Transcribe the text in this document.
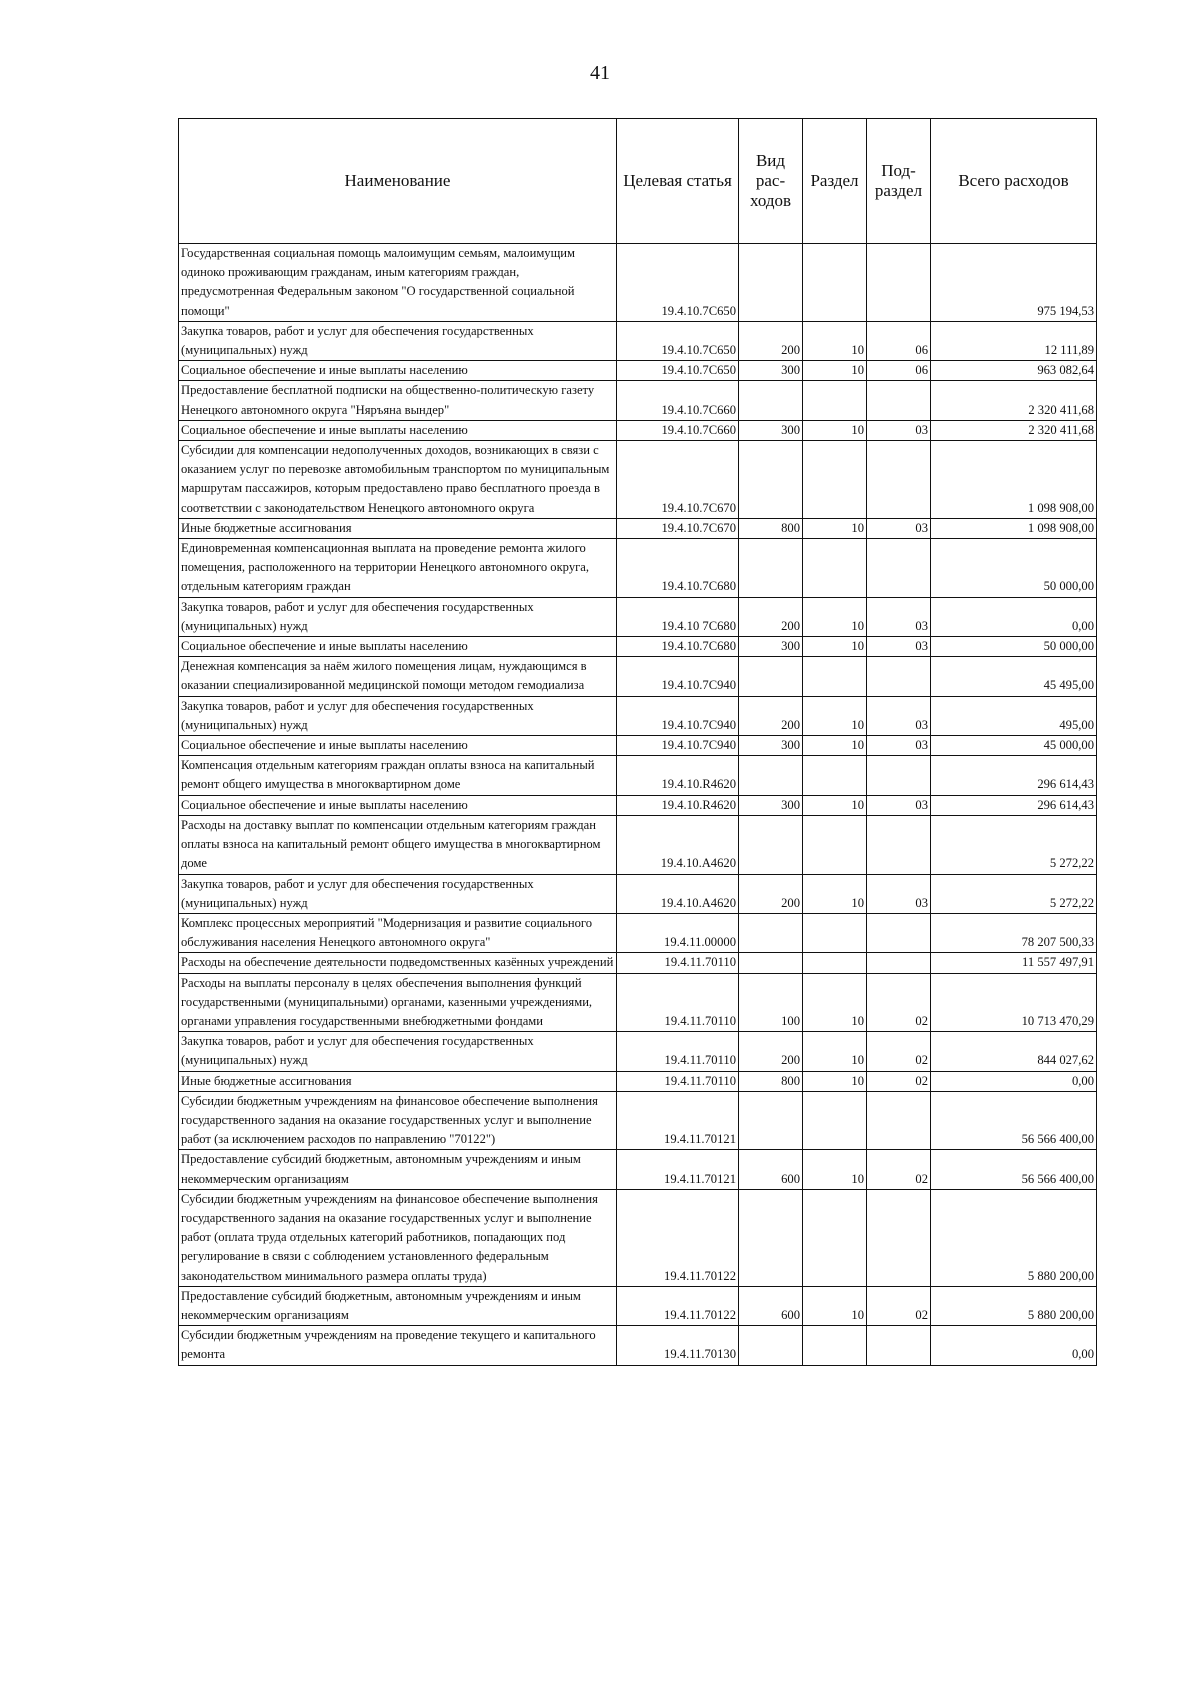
41
Наименование	Целевая статья	Вид рас-ходов	Раздел	Под-раздел	Всего расходов
Государственная социальная помощь малоимущим семьям, малоимущим одиноко проживающим гражданам, иным категориям граждан, предусмотренная Федеральным законом "О государственной социальной помощи"	19.4.10.7С650				975 194,53
Закупка товаров, работ и услуг для обеспечения государственных (муниципальных) нужд	19.4.10.7С650	200	10	06	12 111,89
Социальное обеспечение и иные выплаты населению	19.4.10.7С650	300	10	06	963 082,64
Предоставление бесплатной подписки на общественно-политическую газету Ненецкого автономного округа "Няръяна вындер"	19.4.10.7С660				2 320 411,68
Социальное обеспечение и иные выплаты населению	19.4.10.7С660	300	10	03	2 320 411,68
Субсидии для компенсации недополученных доходов, возникающих в связи с оказанием услуг по перевозке автомобильным транспортом по муниципальным маршрутам пассажиров, которым предоставлено право бесплатного проезда в соответствии с законодательством Ненецкого автономного округа	19.4.10.7С670				1 098 908,00
Иные бюджетные ассигнования	19.4.10.7С670	800	10	03	1 098 908,00
Единовременная компенсационная выплата на проведение ремонта жилого помещения, расположенного на территории Ненецкого автономного округа, отдельным категориям граждан	19.4.10.7С680				50 000,00
Закупка товаров, работ и услуг для обеспечения государственных (муниципальных) нужд	19.4.10 7С680	200	10	03	0,00
Социальное обеспечение и иные выплаты населению	19.4.10.7С680	300	10	03	50 000,00
Денежная компенсация за наём жилого помещения лицам, нуждающимся в оказании специализированной медицинской помощи методом гемодиализа	19.4.10.7С940				45 495,00
Закупка товаров, работ и услуг для обеспечения государственных (муниципальных) нужд	19.4.10.7С940	200	10	03	495,00
Социальное обеспечение и иные выплаты населению	19.4.10.7С940	300	10	03	45 000,00
Компенсация отдельным категориям граждан оплаты взноса на капитальный ремонт общего имущества в многоквартирном доме	19.4.10.R4620				296 614,43
Социальное обеспечение и иные выплаты населению	19.4.10.R4620	300	10	03	296 614,43
Расходы на доставку выплат по компенсации отдельным категориям граждан оплаты взноса на капитальный ремонт общего имущества в многоквартирном доме	19.4.10.А4620				5 272,22
Закупка товаров, работ и услуг для обеспечения государственных (муниципальных) нужд	19.4.10.А4620	200	10	03	5 272,22
Комплекс процессных мероприятий "Модернизация и развитие социального обслуживания населения Ненецкого автономного округа"	19.4.11.00000				78 207 500,33
Расходы на обеспечение деятельности подведомственных казённых учреждений	19.4.11.70110				11 557 497,91
Расходы на выплаты персоналу в целях обеспечения выполнения функций государственными (муниципальными) органами, казенными учреждениями, органами управления государственными внебюджетными фондами	19.4.11.70110	100	10	02	10 713 470,29
Закупка товаров, работ и услуг для обеспечения государственных (муниципальных) нужд	19.4.11.70110	200	10	02	844 027,62
Иные бюджетные ассигнования	19.4.11.70110	800	10	02	0,00
Субсидии бюджетным учреждениям на финансовое обеспечение выполнения государственного задания на оказание государственных услуг и выполнение работ (за исключением расходов по направлению "70122")	19.4.11.70121				56 566 400,00
Предоставление субсидий бюджетным, автономным учреждениям и иным некоммерческим организациям	19.4.11.70121	600	10	02	56 566 400,00
Субсидии бюджетным учреждениям на финансовое обеспечение выполнения государственного задания на оказание государственных услуг и выполнение работ (оплата труда отдельных категорий работников, попадающих под регулирование в связи с соблюдением установленного федеральным законодательством минимального размера оплаты труда)	19.4.11.70122				5 880 200,00
Предоставление субсидий бюджетным, автономным учреждениям и иным некоммерческим организациям	19.4.11.70122	600	10	02	5 880 200,00
Субсидии бюджетным учреждениям на проведение текущего и капитального ремонта	19.4.11.70130				0,00
